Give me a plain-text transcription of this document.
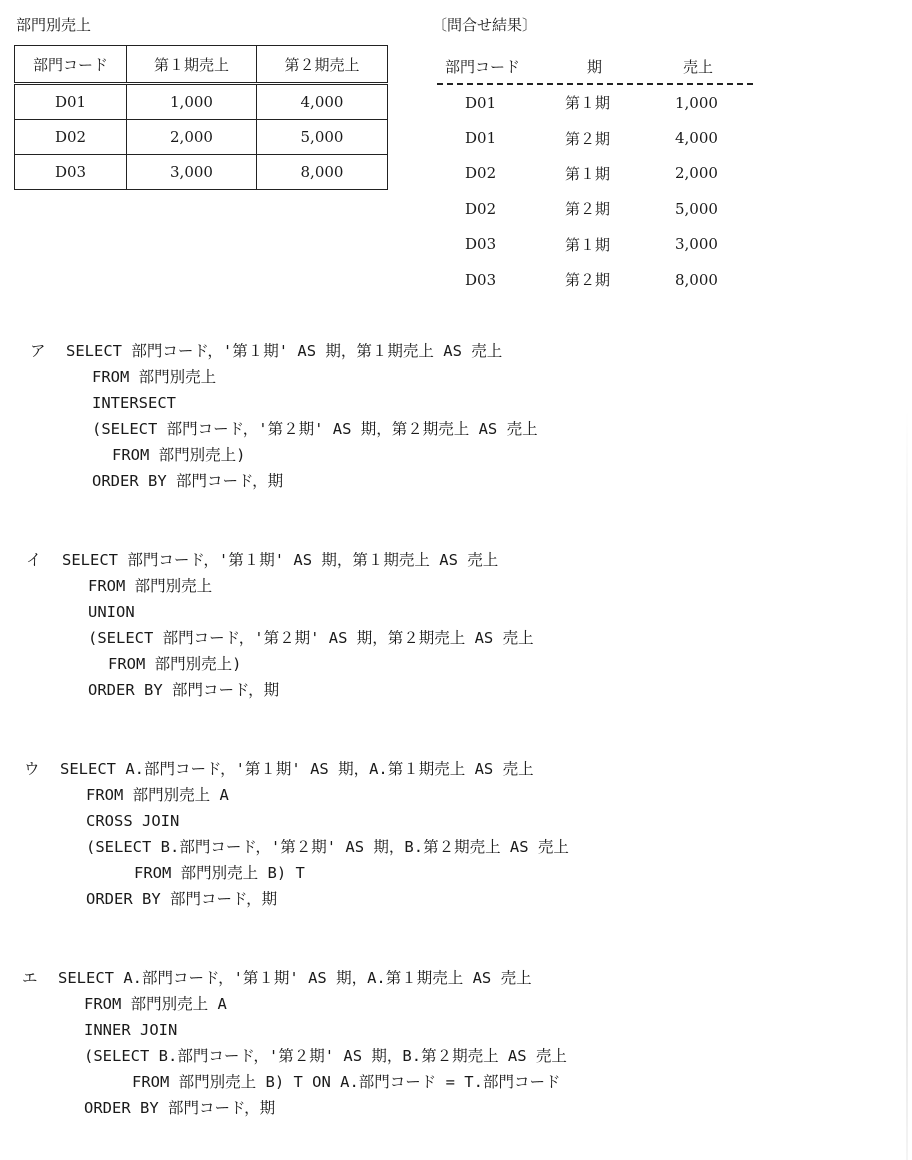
部門別売上
部門コード	第１期売上	第２期売上
D01	1,000	4,000
D02	2,000	5,000
D03	3,000	8,000
〔問合せ結果〕
部門コード	期	売上
D01	第１期	1,000
D01	第２期	4,000
D02	第１期	2,000
D02	第２期	5,000
D03	第１期	3,000
D03	第２期	8,000
ア SELECT 部門コード，'第１期' AS 期，第１期売上 AS 売上
FROM 部門別売上
INTERSECT
(SELECT 部門コード，'第２期' AS 期，第２期売上 AS 売上
FROM 部門別売上)
ORDER BY 部門コード，期
イ SELECT 部門コード，'第１期' AS 期，第１期売上 AS 売上
FROM 部門別売上
UNION
(SELECT 部門コード，'第２期' AS 期，第２期売上 AS 売上
FROM 部門別売上)
ORDER BY 部門コード，期
ウ SELECT A.部門コード，'第１期' AS 期，A.第１期売上 AS 売上
FROM 部門別売上 A
CROSS JOIN
(SELECT B.部門コード，'第２期' AS 期，B.第２期売上 AS 売上
FROM 部門別売上 B) T
ORDER BY 部門コード，期
エ SELECT A.部門コード，'第１期' AS 期，A.第１期売上 AS 売上
FROM 部門別売上 A
INNER JOIN
(SELECT B.部門コード，'第２期' AS 期，B.第２期売上 AS 売上
FROM 部門別売上 B) T ON A.部門コード = T.部門コード
ORDER BY 部門コード，期
